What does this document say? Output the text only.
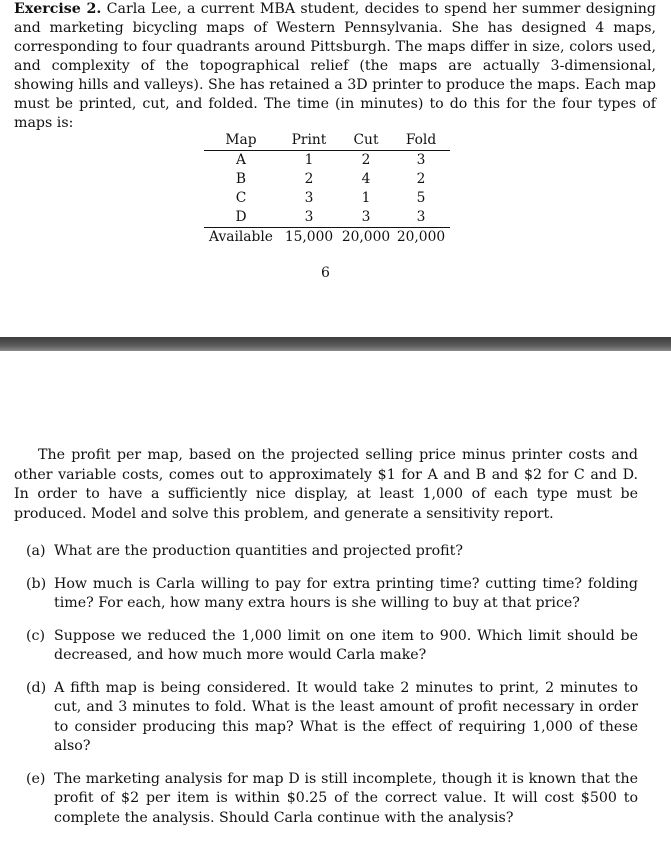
Exercise 2. Carla Lee, a current MBA student, decides to spend her summer designing and marketing bicycling maps of Western Pennsylvania. She has designed 4 maps, corresponding to four quadrants around Pittsburgh. The maps differ in size, colors used, and complexity of the topographical relief (the maps are actually 3-dimensional, showing hills and valleys). She has retained a 3D printer to produce the maps. Each map must be printed, cut, and folded. The time (in minutes) to do this for the four types of maps is:

Map	Print	Cut	Fold
A	1	2	3
B	2	4	2
C	3	1	5
D	3	3	3
Available	15,000	20,000	20,000
6

The profit per map, based on the projected selling price minus printer costs and other variable costs, comes out to approximately $1 for A and B and $2 for C and D. In order to have a sufficiently nice display, at least 1,000 of each type must be produced. Model and solve this problem, and generate a sensitivity report.

(a) What are the production quantities and projected profit?
(b) How much is Carla willing to pay for extra printing time? cutting time? folding time? For each, how many extra hours is she willing to buy at that price?
(c) Suppose we reduced the 1,000 limit on one item to 900. Which limit should be decreased, and how much more would Carla make?
(d) A fifth map is being considered. It would take 2 minutes to print, 2 minutes to cut, and 3 minutes to fold. What is the least amount of profit necessary in order to consider producing this map? What is the effect of requiring 1,000 of these also?
(e) The marketing analysis for map D is still incomplete, though it is known that the profit of $2 per item is within $0.25 of the correct value. It will cost $500 to complete the analysis. Should Carla continue with the analysis?
